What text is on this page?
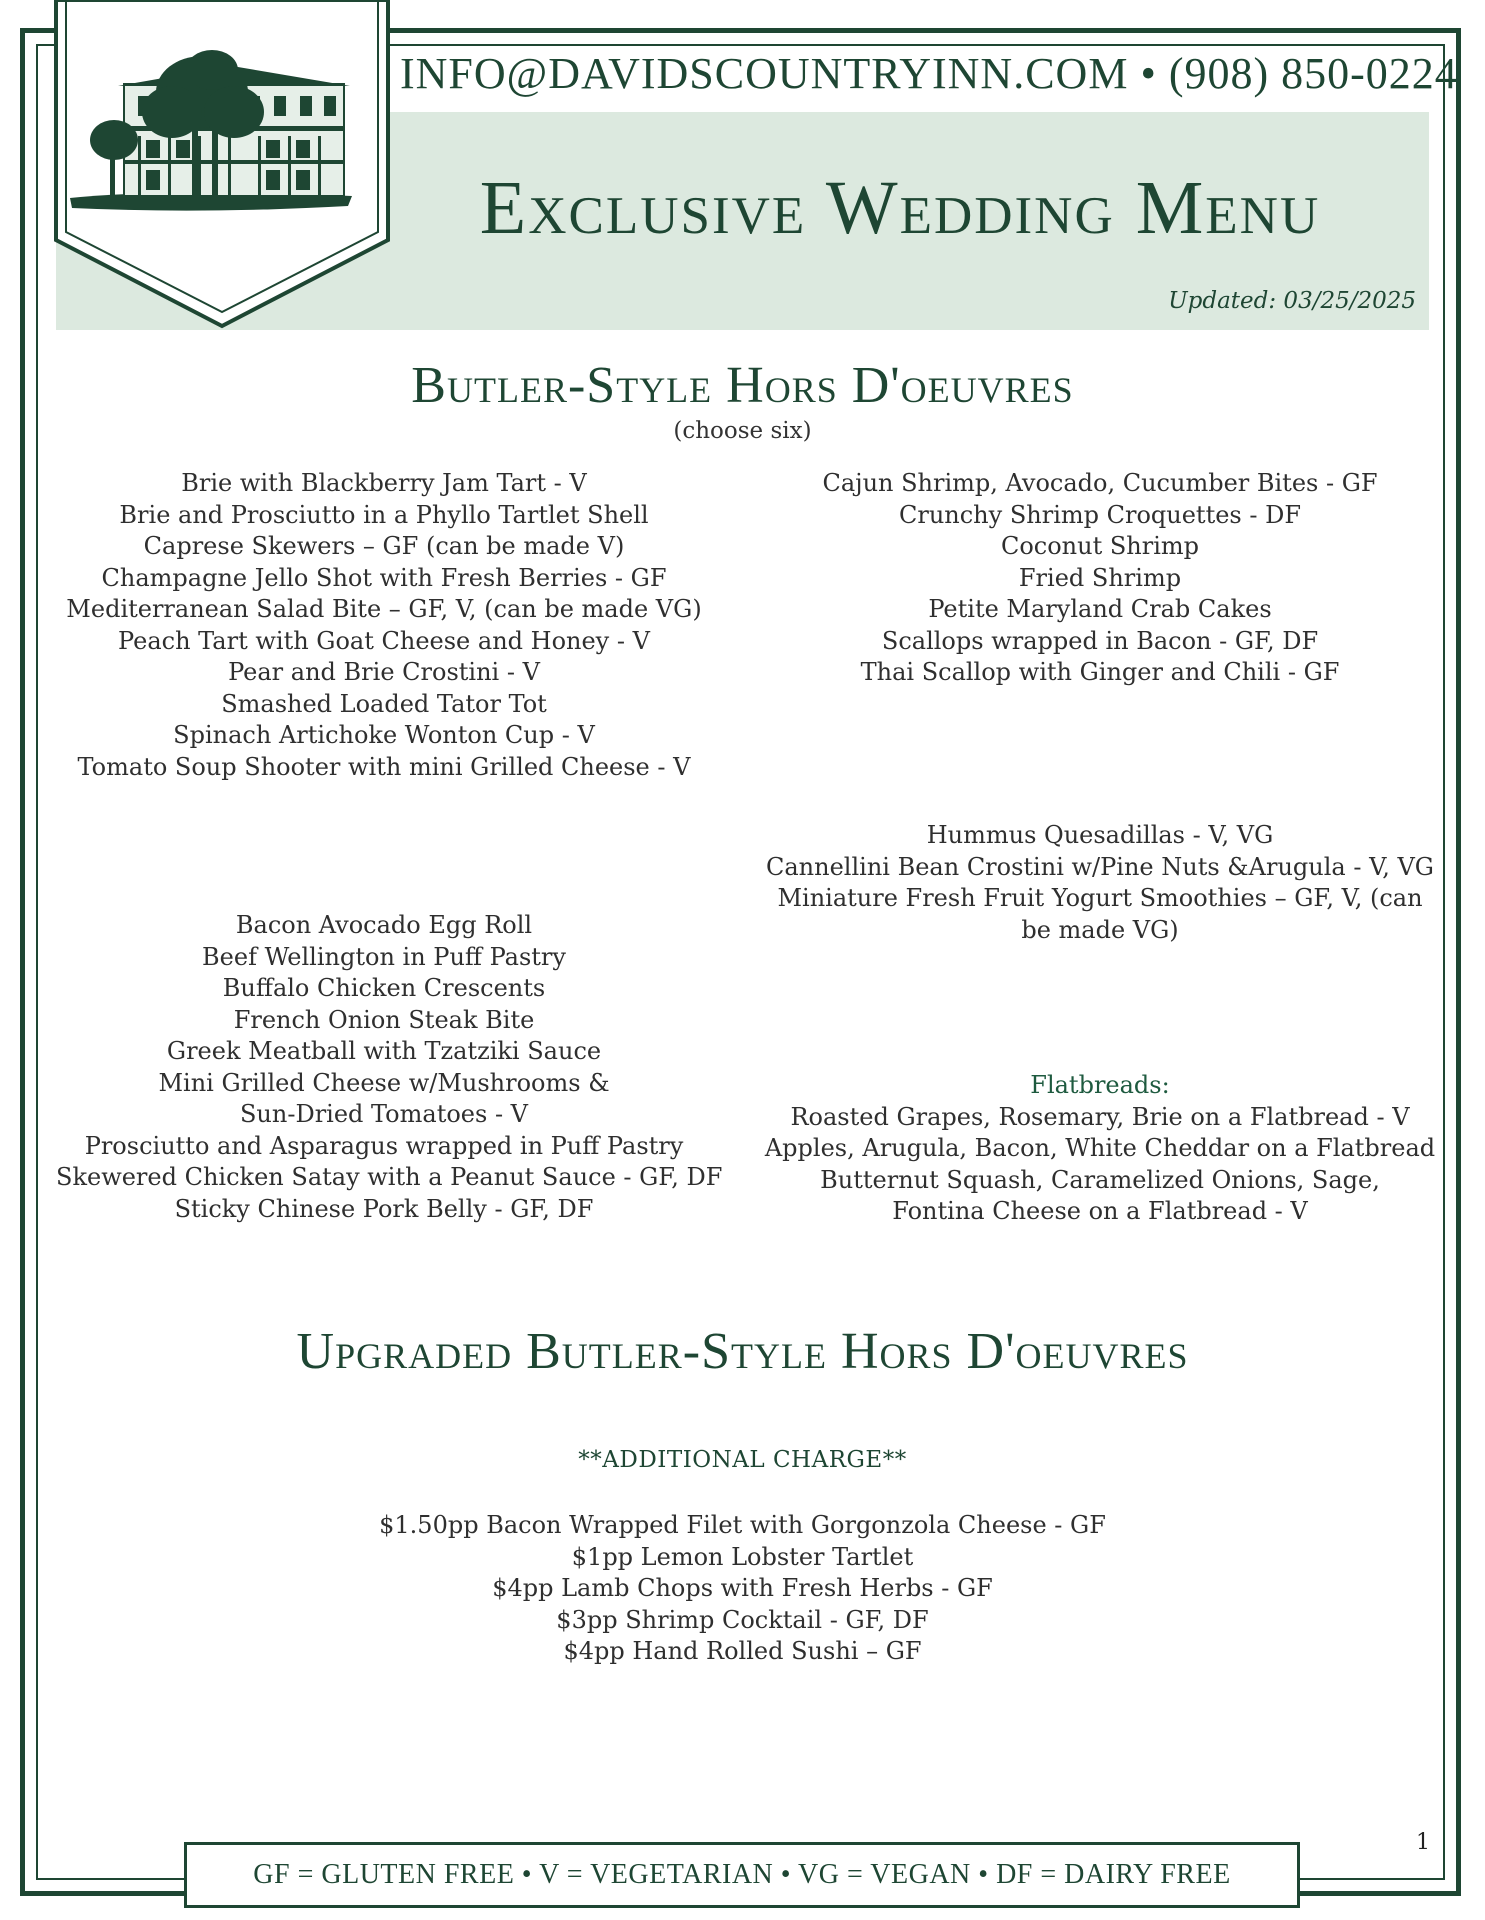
INFO@DAVIDSCOUNTRYINN.COM • (908) 850-0224
Exclusive Wedding Menu
Updated: 03/25/2025
Butler-Style Hors D'oeuvres
(choose six)
Brie with Blackberry Jam Tart - V
Brie and Prosciutto in a Phyllo Tartlet Shell
Caprese Skewers – GF (can be made V)
Champagne Jello Shot with Fresh Berries - GF
Mediterranean Salad Bite – GF, V, (can be made VG)
Peach Tart with Goat Cheese and Honey - V
Pear and Brie Crostini - V
Smashed Loaded Tator Tot
Spinach Artichoke Wonton Cup - V
Tomato Soup Shooter with mini Grilled Cheese - V
Cajun Shrimp, Avocado, Cucumber Bites - GF
Crunchy Shrimp Croquettes - DF
Coconut Shrimp
Fried Shrimp
Petite Maryland Crab Cakes
Scallops wrapped in Bacon - GF, DF
Thai Scallop with Ginger and Chili - GF
Hummus Quesadillas - V, VG
Cannellini Bean Crostini w/Pine Nuts &Arugula - V, VG
Miniature Fresh Fruit Yogurt Smoothies – GF, V, (can be made VG)
Bacon Avocado Egg Roll
Beef Wellington in Puff Pastry
Buffalo Chicken Crescents
French Onion Steak Bite
Greek Meatball with Tzatziki Sauce
Mini Grilled Cheese w/Mushrooms &
Sun-Dried Tomatoes - V
Prosciutto and Asparagus wrapped in Puff Pastry
Skewered Chicken Satay with a Peanut Sauce - GF, DF
Sticky Chinese Pork Belly - GF, DF
Flatbreads:
Roasted Grapes, Rosemary, Brie on a Flatbread - V
Apples, Arugula, Bacon, White Cheddar on a Flatbread
Butternut Squash, Caramelized Onions, Sage, Fontina Cheese on a Flatbread - V
Upgraded Butler-Style Hors D'oeuvres
**ADDITIONAL CHARGE**
$1.50pp Bacon Wrapped Filet with Gorgonzola Cheese - GF
$1pp Lemon Lobster Tartlet
$4pp Lamb Chops with Fresh Herbs - GF
$3pp Shrimp Cocktail - GF, DF
$4pp Hand Rolled Sushi – GF
1
GF = GLUTEN FREE • V = VEGETARIAN • VG = VEGAN • DF = DAIRY FREE
